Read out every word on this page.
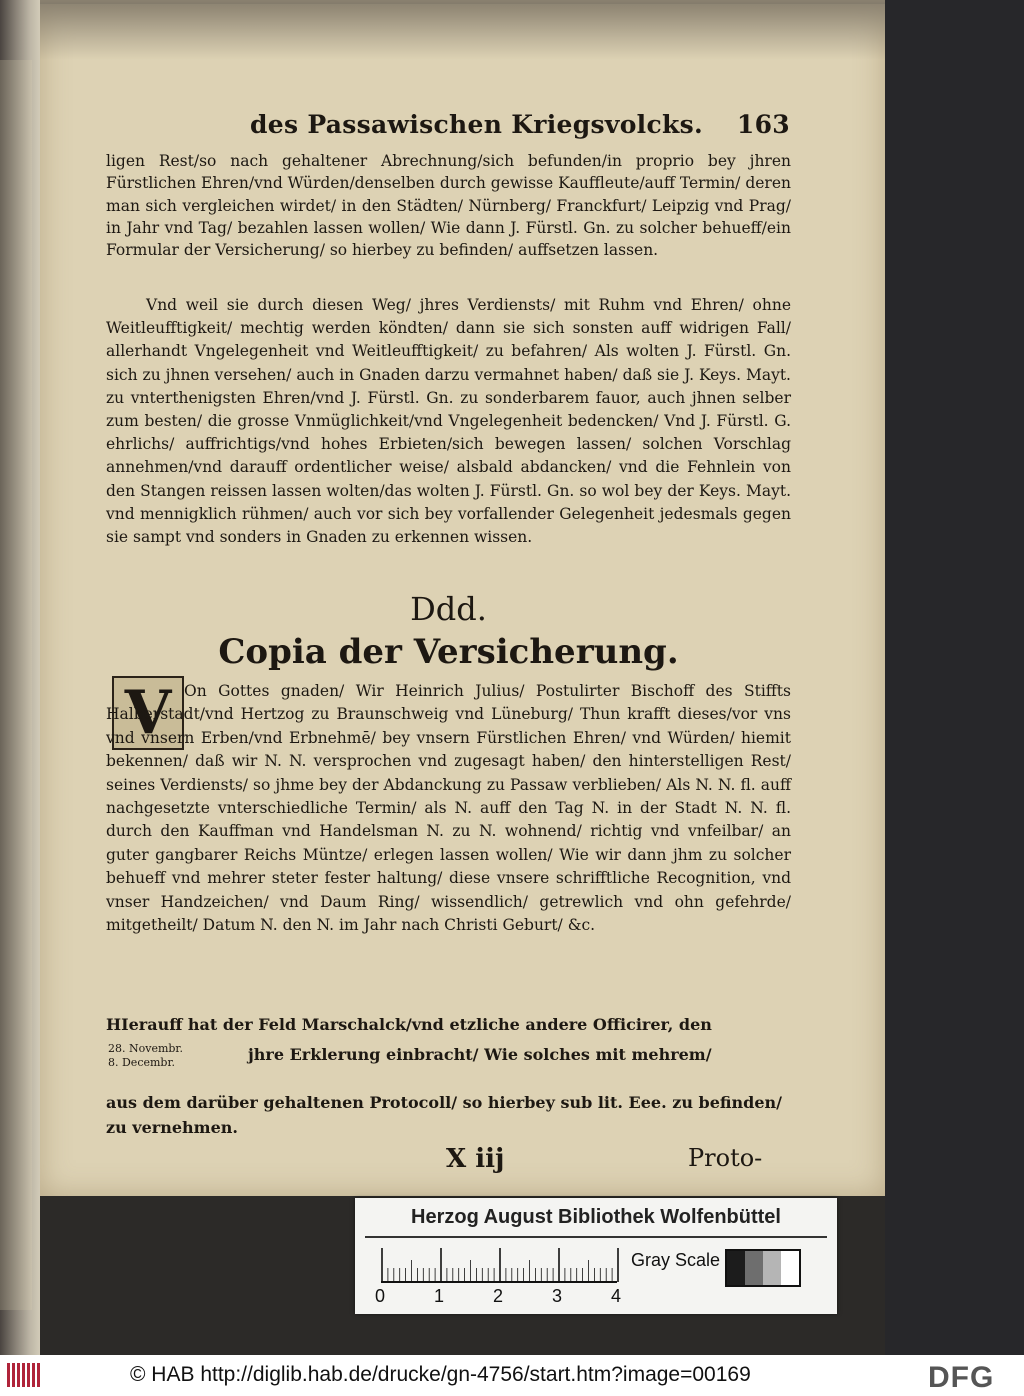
des Passawischen Kriegsvolcks. 163

ligen Rest/so nach gehaltener Abrechnung/sich befunden/in proprio bey jhren Fürstlichen Ehren/vnd Würden/denselben durch gewisse Kauffleute/auff Termin/ deren man sich vergleichen wirdet/ in den Städten/ Nürnberg/ Franckfurt/ Leipzig vnd Prag/ in Jahr vnd Tag/ bezahlen lassen wollen/ Wie dann J. Fürstl. Gn. zu solcher behueff/ein Formular der Versicherung/ so hierbey zu befinden/ auffsetzen lassen.

Vnd weil sie durch diesen Weg/ jhres Verdiensts/ mit Ruhm vnd Ehren/ ohne Weitleufftigkeit/ mechtig werden köndten/ dann sie sich sonsten auff widrigen Fall/ allerhandt Vngelegenheit vnd Weitleufftigkeit/ zu befahren/ Als wolten J. Fürstl. Gn. sich zu jhnen versehen/ auch in Gnaden darzu vermahnet haben/ daß sie J. Keys. Mayt. zu vnterthenigsten Ehren/vnd J. Fürstl. Gn. zu sonderbarem fauor, auch jhnen selber zum besten/ die grosse Vnmüglichkeit/vnd Vngelegenheit bedencken/ Vnd J. Fürstl. G. ehrlichs/ auffrichtigs/vnd hohes Erbieten/sich bewegen lassen/ solchen Vorschlag annehmen/vnd darauff ordentlicher weise/ alsbald abdancken/ vnd die Fehnlein von den Stangen reissen lassen wolten/das wolten J. Fürstl. Gn. so wol bey der Keys. Mayt. vnd mennigklich rühmen/ auch vor sich bey vorfallender Gelegenheit jedesmals gegen sie sampt vnd sonders in Gnaden zu erkennen wissen.

Ddd.
Copia der Versicherung.
V On Gottes gnaden/ Wir Heinrich Julius/ Postulirter Bischoff des Stiffts Halberstadt/vnd Hertzog zu Braunschweig vnd Lüneburg/ Thun krafft dieses/vor vns vnd vnsern Erben/vnd Erbnehmē/ bey vnsern Fürstlichen Ehren/ vnd Würden/ hiemit bekennen/ daß wir N. N. versprochen vnd zugesagt haben/ den hinterstelligen Rest/ seines Verdiensts/ so jhme bey der Abdanckung zu Passaw verblieben/ Als N. N. fl. auff nachgesetzte vnterschiedliche Termin/ als N. auff den Tag N. in der Stadt N. N. fl. durch den Kauffman vnd Handelsman N. zu N. wohnend/ richtig vnd vnfeilbar/ an guter gangbarer Reichs Müntze/ erlegen lassen wollen/ Wie wir dann jhm zu solcher behueff vnd mehrer steter fester haltung/ diese vnsere schrifftliche Recognition, vnd vnser Handzeichen/ vnd Daum Ring/ wissendlich/ getrewlich vnd ohn gefehrde/ mitgetheilt/ Datum N. den N. im Jahr nach Christi Geburt/ &c.
HIerauff hat der Feld Marschalck/vnd etzliche andere Officirer, den
28. Novembr.
8. Decembr.	jhre Erklerung einbracht/ Wie solches mit mehrem/
aus dem darüber gehaltenen Protocoll/ so hierbey sub lit. Eee. zu befinden/ zu vernehmen.
X iij	Proto-
Herzog August Bibliothek Wolfenbüttel
0	1	2	3	4
Gray Scale
© HAB http://diglib.hab.de/drucke/gn-4756/start.htm?image=00169	DFG
